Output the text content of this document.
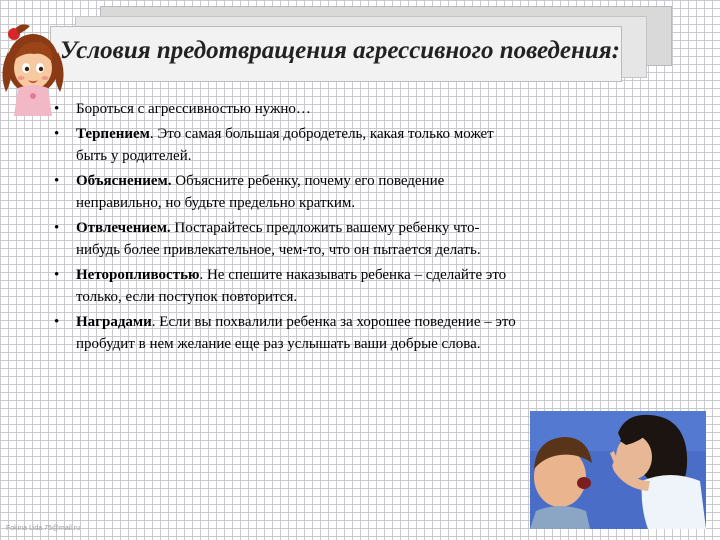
Условия предотвращения агрессивного поведения:
• Бороться с агрессивностью нужно…
• Терпением. Это самая большая добродетель, какая только может быть у родителей.
• Объяснением. Объясните ребенку, почему его поведение неправильно, но будьте предельно кратким.
• Отвлечением. Постарайтесь предложить вашему ребенку что-нибудь более привлекательное, чем-то, что он пытается делать.
• Неторопливостью. Не спешите наказывать ребенка – сделайте это только, если поступок повторится.
• Наградами. Если вы похвалили ребенка за хорошее поведение – это пробудит в нем желание еще раз услышать ваши добрые слова.
Fokina Lida.75@mail.ru
